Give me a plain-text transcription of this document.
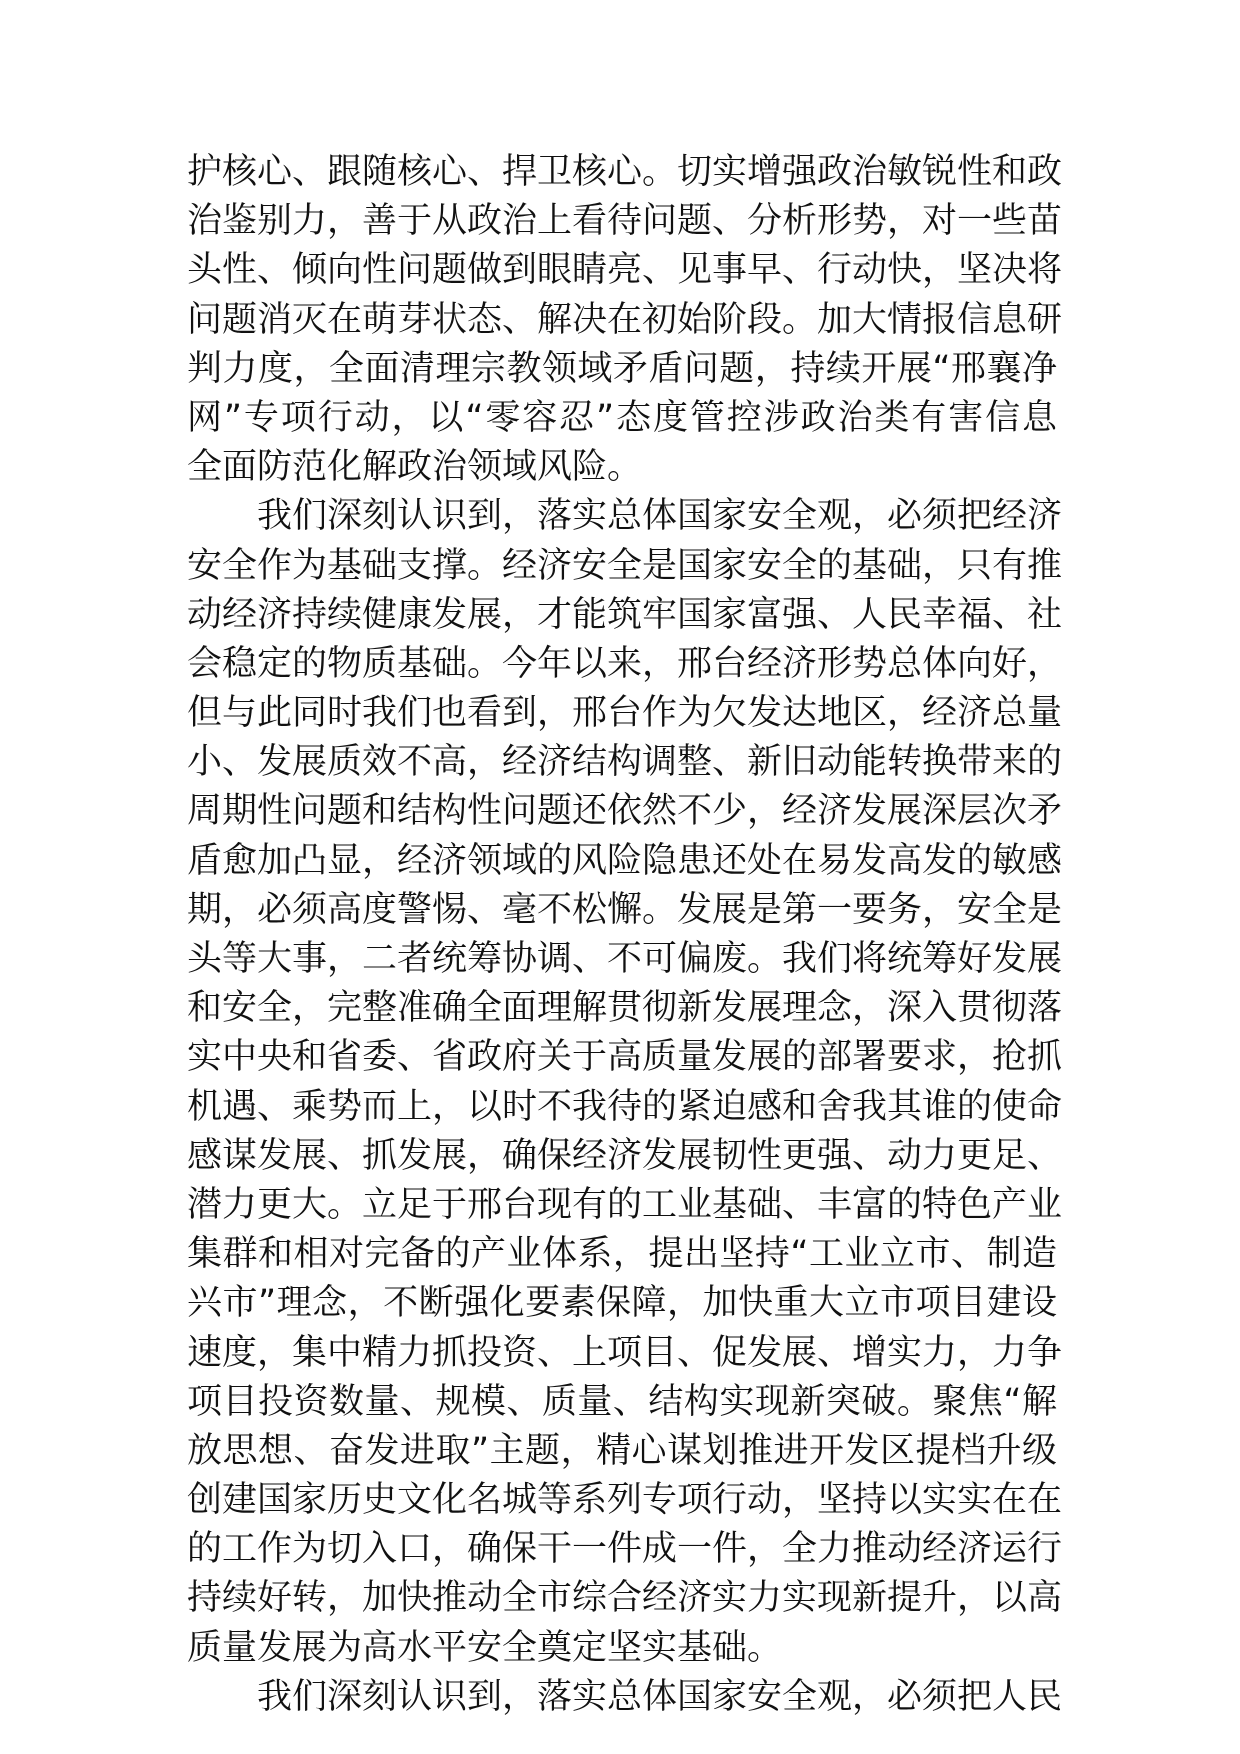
护核心、跟随核心、捍卫核心。切实增强政治敏锐性和政
治鉴别力，善于从政治上看待问题、分析形势，对一些苗
头性、倾向性问题做到眼睛亮、见事早、行动快，坚决将
问题消灭在萌芽状态、解决在初始阶段。加大情报信息研
判力度，全面清理宗教领域矛盾问题，持续开展“邢襄净
网”专项行动，以“零容忍”态度管控涉政治类有害信息
全面防范化解政治领域风险。

　　我们深刻认识到，落实总体国家安全观，必须把经济
安全作为基础支撑。经济安全是国家安全的基础，只有推
动经济持续健康发展，才能筑牢国家富强、人民幸福、社
会稳定的物质基础。今年以来，邢台经济形势总体向好，
但与此同时我们也看到，邢台作为欠发达地区，经济总量
小、发展质效不高，经济结构调整、新旧动能转换带来的
周期性问题和结构性问题还依然不少，经济发展深层次矛
盾愈加凸显，经济领域的风险隐患还处在易发高发的敏感
期，必须高度警惕、毫不松懈。发展是第一要务，安全是
头等大事，二者统筹协调、不可偏废。我们将统筹好发展
和安全，完整准确全面理解贯彻新发展理念，深入贯彻落
实中央和省委、省政府关于高质量发展的部署要求，抢抓
机遇、乘势而上，以时不我待的紧迫感和舍我其谁的使命
感谋发展、抓发展，确保经济发展韧性更强、动力更足、
潜力更大。立足于邢台现有的工业基础、丰富的特色产业
集群和相对完备的产业体系，提出坚持“工业立市、制造
兴市”理念，不断强化要素保障，加快重大立市项目建设
速度，集中精力抓投资、上项目、促发展、增实力，力争
项目投资数量、规模、质量、结构实现新突破。聚焦“解
放思想、奋发进取”主题，精心谋划推进开发区提档升级
创建国家历史文化名城等系列专项行动，坚持以实实在在
的工作为切入口，确保干一件成一件，全力推动经济运行
持续好转，加快推动全市综合经济实力实现新提升，以高
质量发展为高水平安全奠定坚实基础。

　　我们深刻认识到，落实总体国家安全观，必须把人民
